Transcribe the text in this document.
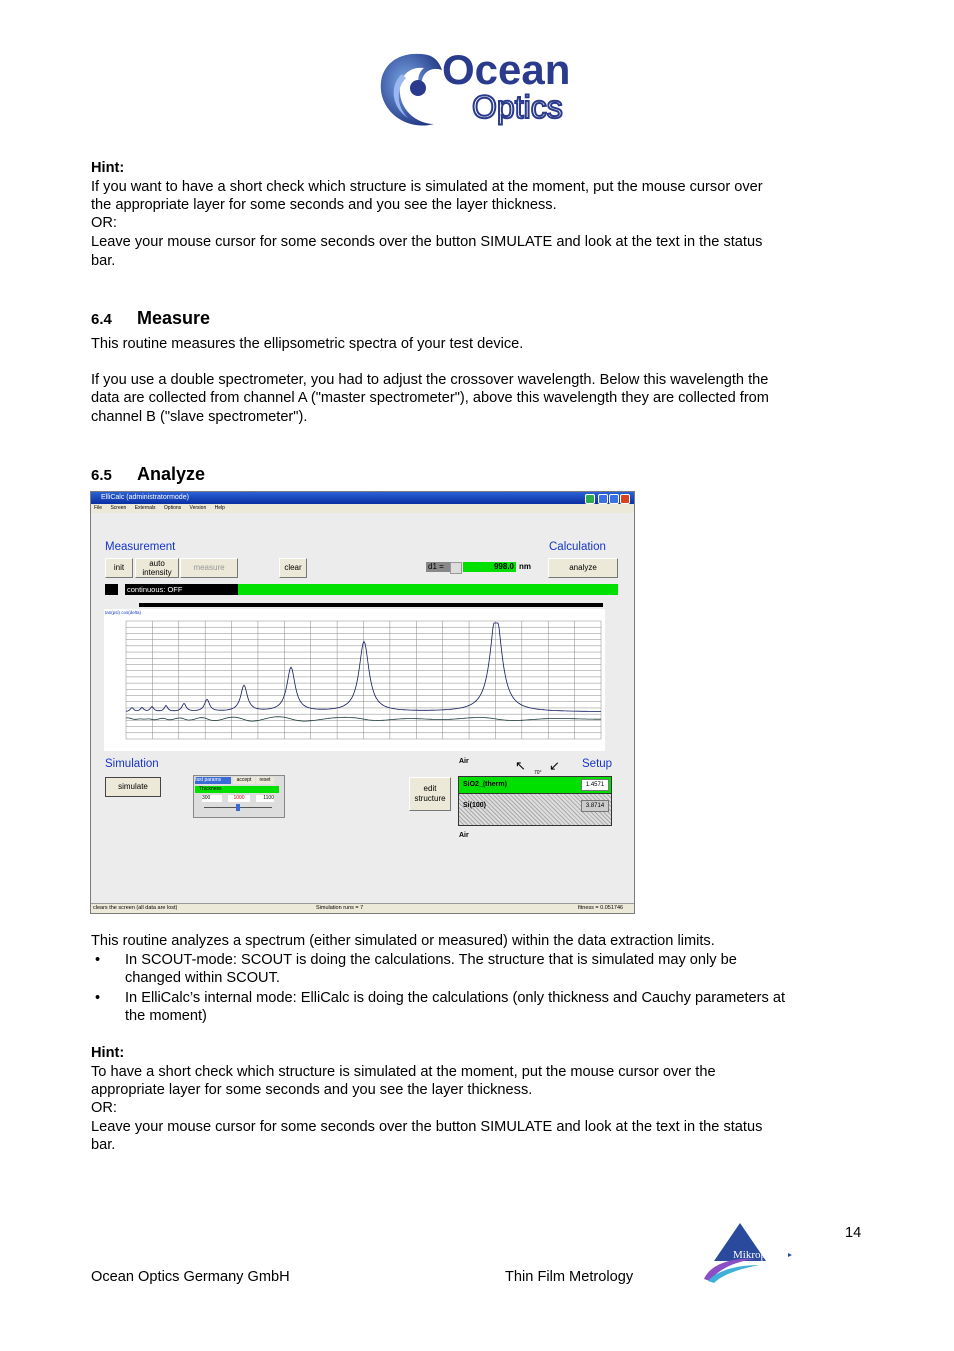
Ocean
Optics
Hint:
If you want to have a short check which structure is simulated at the moment, put the mouse cursor over
the appropriate layer for some seconds and you see the layer thickness.
OR:
Leave your mouse cursor for some seconds over the button SIMULATE and look at the text in the status
bar.
6.4 Measure
This routine measures the ellipsometric spectra of your test device.
If you use a double spectrometer, you had to adjust the crossover wavelength. Below this wavelength the
data are collected from channel A ("master spectrometer"), above this wavelength they are collected from
channel B ("slave spectrometer").
6.5 Analyze
ElliCalc (administratormode)
File Screen Externals Options Version Help
Measurement	Calculation
init	auto
intensity
measure	clear	d1 =	998.0 nm	analyze
continuous: OFF
tan(psi) cos(delta)
Simulation	Setup
simulate
fast params	accept	reset
Thickness
300	1000	1100
edit
structure
Air	↖ 70° ↙
SiO2_(therm)	1.4571
Si(100)	3.8714
Air
clears the screen (all data are lost)	Simulation runs = 7	fitness = 0.051746
This routine analyzes a spectrum (either simulated or measured) within the data extraction limits.
• In SCOUT-mode: SCOUT is doing the calculations. The structure that is simulated may only be
changed within SCOUT.
• In ElliCalc’s internal mode: ElliCalc is doing the calculations (only thickness and Cauchy parameters at
the moment)
Hint:
To have a short check which structure is simulated at the moment, put the mouse cursor over the
appropriate layer for some seconds and you see the layer thickness.
OR:
Leave your mouse cursor for some seconds over the button SIMULATE and look at the text in the status
bar.
14
Ocean Optics Germany GmbH	Thin Film Metrology
Mikropack
